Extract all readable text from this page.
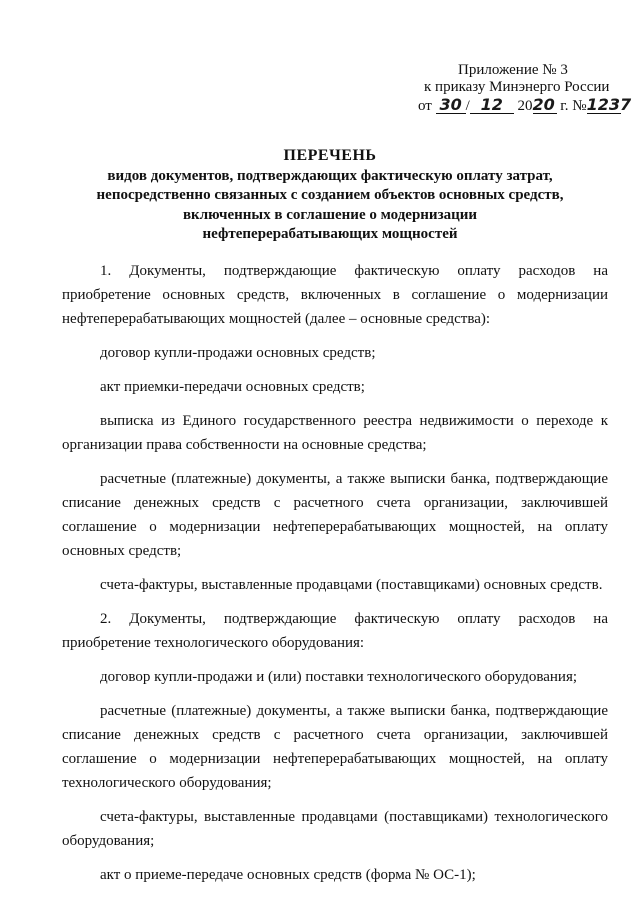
Приложение № 3
к приказу Минэнерго России
от 30 / 12 2020 г. №1237
ПЕРЕЧЕНЬ
видов документов, подтверждающих фактическую оплату затрат,
непосредственно связанных с созданием объектов основных средств,
включенных в соглашение о модернизации
нефтеперерабатывающих мощностей

1. Документы, подтверждающие фактическую оплату расходов на приобретение основных средств, включенных в соглашение о модернизации нефтеперерабатывающих мощностей (далее – основные средства):

договор купли-продажи основных средств;

акт приемки-передачи основных средств;

выписка из Единого государственного реестра недвижимости о переходе к организации права собственности на основные средства;

расчетные (платежные) документы, а также выписки банка, подтверждающие списание денежных средств с расчетного счета организации, заключившей соглашение о модернизации нефтеперерабатывающих мощностей, на оплату основных средств;

счета-фактуры, выставленные продавцами (поставщиками) основных средств.

2. Документы, подтверждающие фактическую оплату расходов на приобретение технологического оборудования:

договор купли-продажи и (или) поставки технологического оборудования;

расчетные (платежные) документы, а также выписки банка, подтверждающие списание денежных средств с расчетного счета организации, заключившей соглашение о модернизации нефтеперерабатывающих мощностей, на оплату технологического оборудования;

счета-фактуры, выставленные продавцами (поставщиками) технологического оборудования;

акт о приеме-передаче основных средств (форма № ОС-1);
